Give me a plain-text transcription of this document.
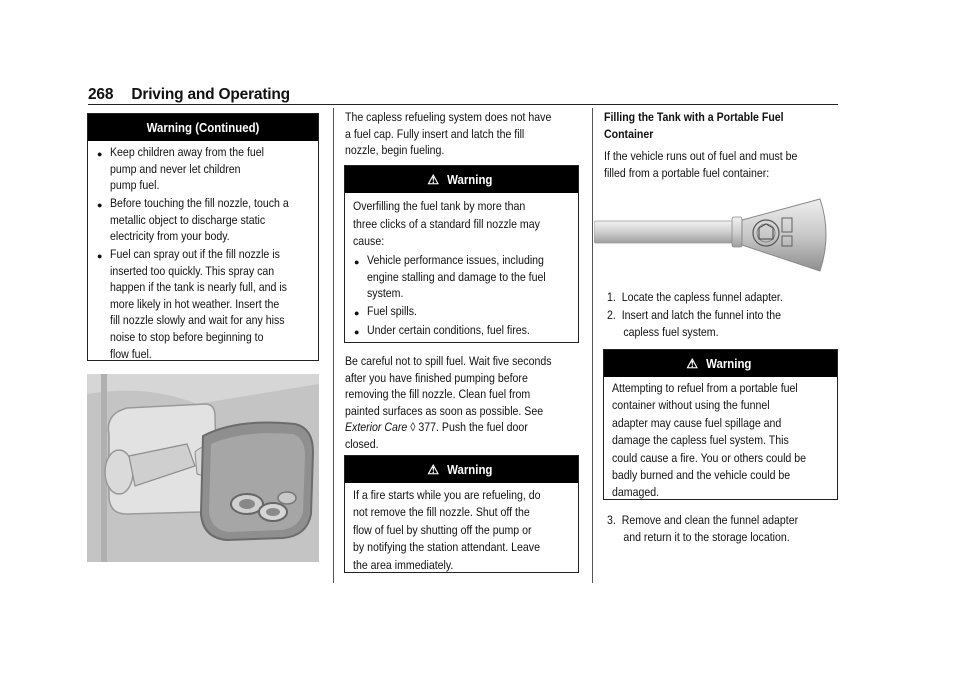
268 Driving and Operating
Warning (Continued)
● Keep children away from the fuel
pump and never let children
pump fuel.
● Before touching the fill nozzle, touch a
metallic object to discharge static
electricity from your body.
● Fuel can spray out if the fill nozzle is
inserted too quickly. This spray can
happen if the tank is nearly full, and is
more likely in hot weather. Insert the
fill nozzle slowly and wait for any hiss
noise to stop before beginning to
flow fuel.
The capless refueling system does not have
a fuel cap. Fully insert and latch the fill
nozzle, begin fueling.
⚠ Warning
Overfilling the fuel tank by more than
three clicks of a standard fill nozzle may
cause:
● Vehicle performance issues, including
engine stalling and damage to the fuel
system.
● Fuel spills.
● Under certain conditions, fuel fires.
Be careful not to spill fuel. Wait five seconds
after you have finished pumping before
removing the fill nozzle. Clean fuel from
painted surfaces as soon as possible. See
Exterior Care ◊ 377. Push the fuel door
closed.
⚠ Warning
If a fire starts while you are refueling, do
not remove the fill nozzle. Shut off the
flow of fuel by shutting off the pump or
by notifying the station attendant. Leave
the area immediately.
Filling the Tank with a Portable Fuel
Container
If the vehicle runs out of fuel and must be
filled from a portable fuel container:
1. Locate the capless funnel adapter.
2. Insert and latch the funnel into the
capless fuel system.
⚠ Warning
Attempting to refuel from a portable fuel
container without using the funnel
adapter may cause fuel spillage and
damage the capless fuel system. This
could cause a fire. You or others could be
badly burned and the vehicle could be
damaged.
3. Remove and clean the funnel adapter
and return it to the storage location.
